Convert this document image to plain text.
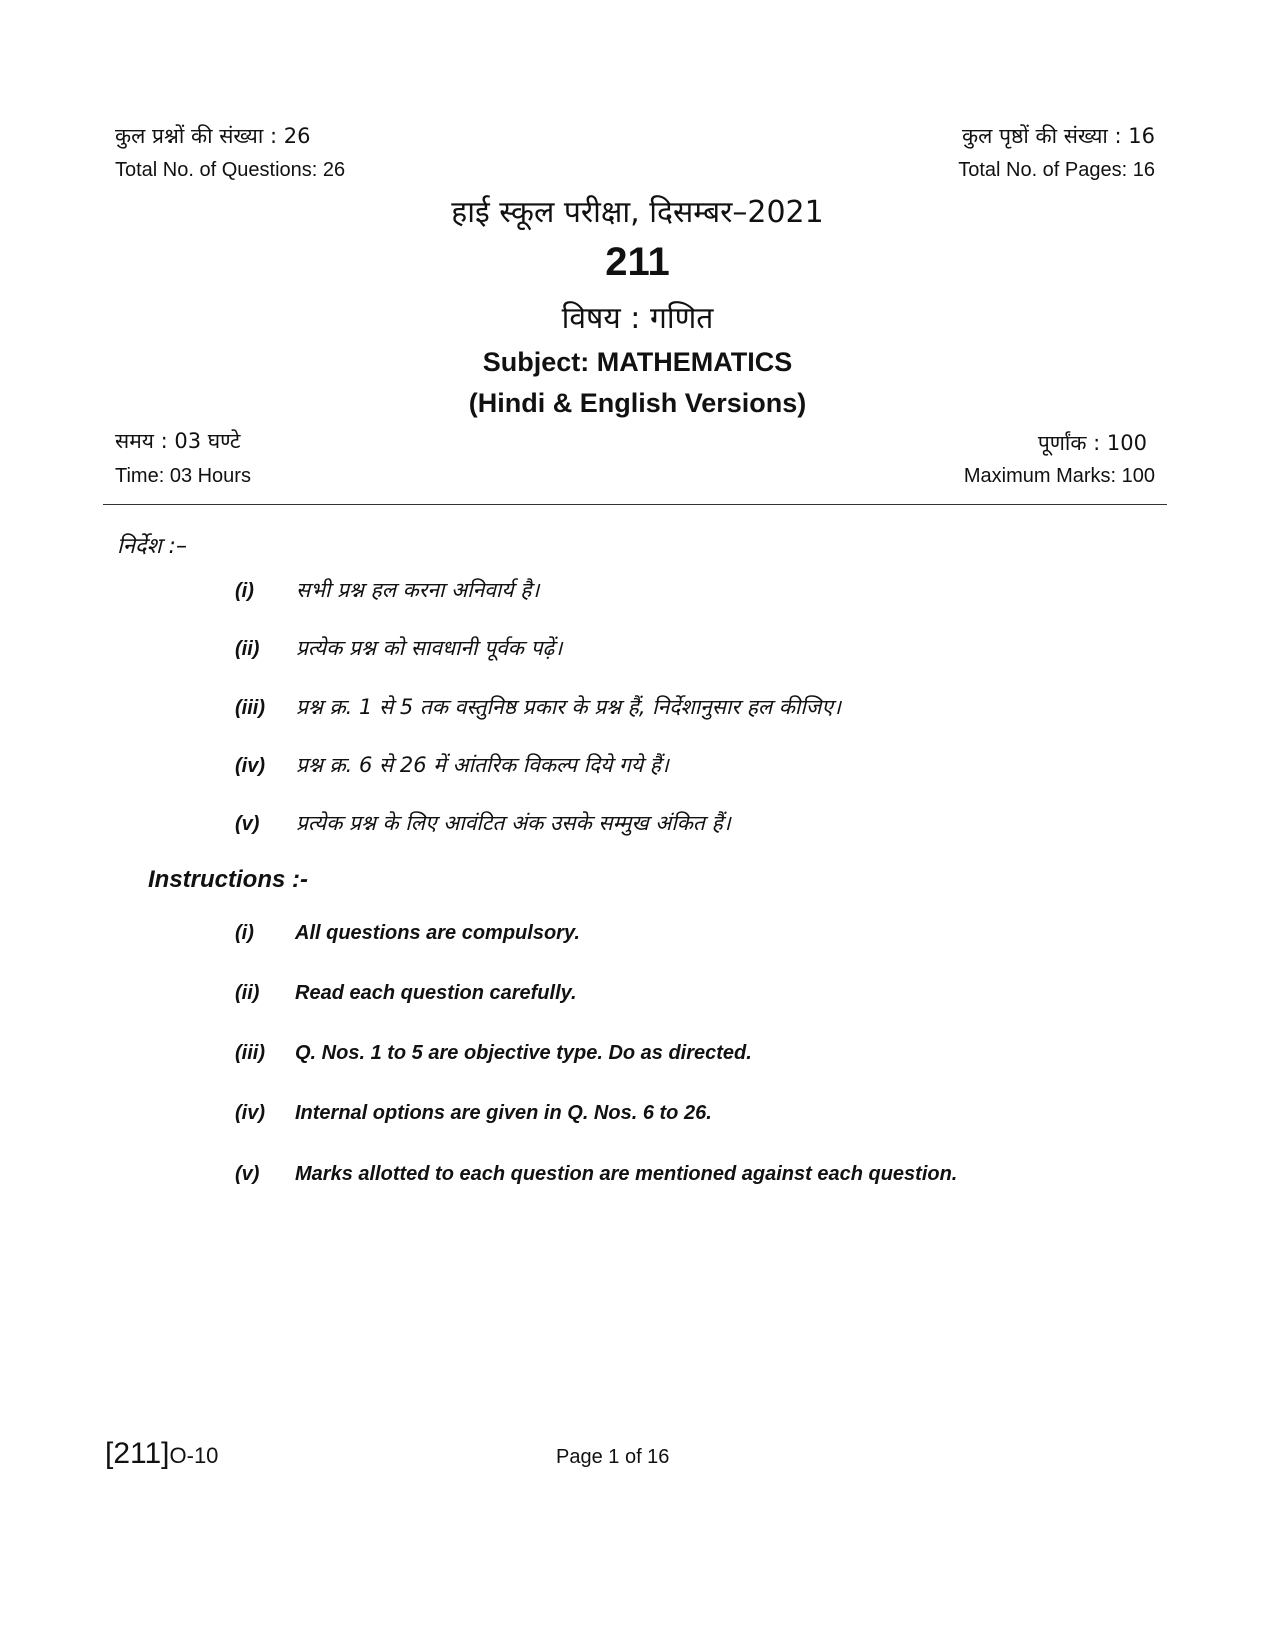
कुल प्रश्नों की संख्या : 26
Total No. of Questions: 26
कुल पृष्ठों की संख्या : 16
Total No. of Pages: 16
हाई स्कूल परीक्षा, दिसम्बर–2021
211
विषय : गणित
Subject: MATHEMATICS
(Hindi & English Versions)
समय : 03 घण्टे
Time: 03 Hours
पूर्णांक : 100
Maximum Marks: 100
निर्देश :–
(i) सभी प्रश्न हल करना अनिवार्य है।
(ii) प्रत्येक प्रश्न को सावधानी पूर्वक पढ़ें।
(iii) प्रश्न क्र. 1 से 5 तक वस्तुनिष्ठ प्रकार के प्रश्न हैं, निर्देशानुसार हल कीजिए।
(iv) प्रश्न क्र. 6 से 26 में आंतरिक विकल्प दिये गये हैं।
(v) प्रत्येक प्रश्न के लिए आवंटित अंक उसके सम्मुख अंकित हैं।
Instructions :-
(i) All questions are compulsory.
(ii) Read each question carefully.
(iii) Q. Nos. 1 to 5 are objective type. Do as directed.
(iv) Internal options are given in Q. Nos. 6 to 26.
(v) Marks allotted to each question are mentioned against each question.
[211]O-10	Page 1 of 16
